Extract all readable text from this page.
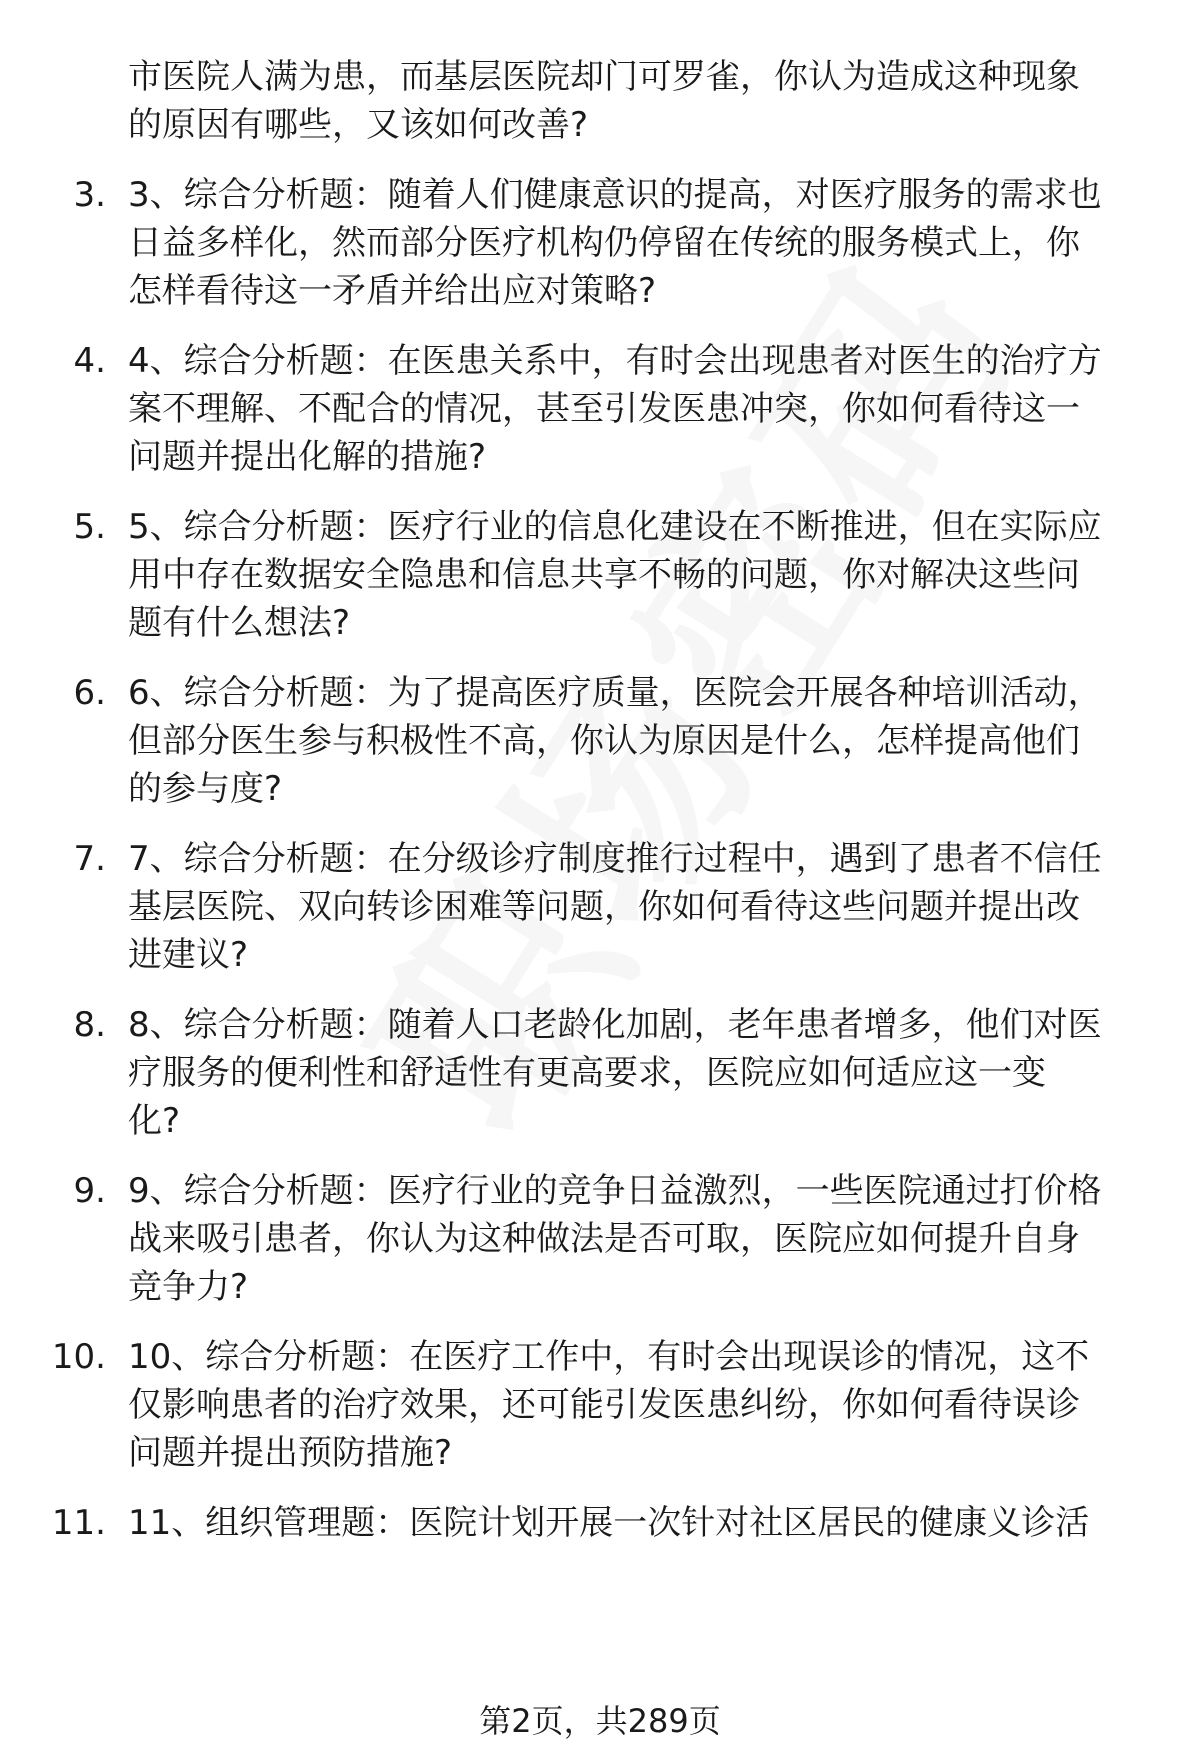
市医院人满为患，而基层医院却门可罗雀，你认为造成这种现象
的原因有哪些，又该如何改善?
3. 3、综合分析题：随着人们健康意识的提高，对医疗服务的需求也
日益多样化，然而部分医疗机构仍停留在传统的服务模式上，你
怎样看待这一矛盾并给出应对策略?
4. 4、综合分析题：在医患关系中，有时会出现患者对医生的治疗方
案不理解、不配合的情况，甚至引发医患冲突，你如何看待这一
问题并提出化解的措施?
5. 5、综合分析题：医疗行业的信息化建设在不断推进，但在实际应
用中存在数据安全隐患和信息共享不畅的问题，你对解决这些问
题有什么想法?
6. 6、综合分析题：为了提高医疗质量，医院会开展各种培训活动，
但部分医生参与积极性不高，你认为原因是什么，怎样提高他们
的参与度?
7. 7、综合分析题：在分级诊疗制度推行过程中，遇到了患者不信任
基层医院、双向转诊困难等问题，你如何看待这些问题并提出改
进建议?
8. 8、综合分析题：随着人口老龄化加剧，老年患者增多，他们对医
疗服务的便利性和舒适性有更高要求，医院应如何适应这一变
化?
9. 9、综合分析题：医疗行业的竞争日益激烈，一些医院通过打价格
战来吸引患者，你认为这种做法是否可取，医院应如何提升自身
竞争力?
10. 10、综合分析题：在医疗工作中，有时会出现误诊的情况，这不
仅影响患者的治疗效果，还可能引发医患纠纷，你如何看待误诊
问题并提出预防措施?
11. 11、组织管理题：医院计划开展一次针对社区居民的健康义诊活
第2页，共289页
